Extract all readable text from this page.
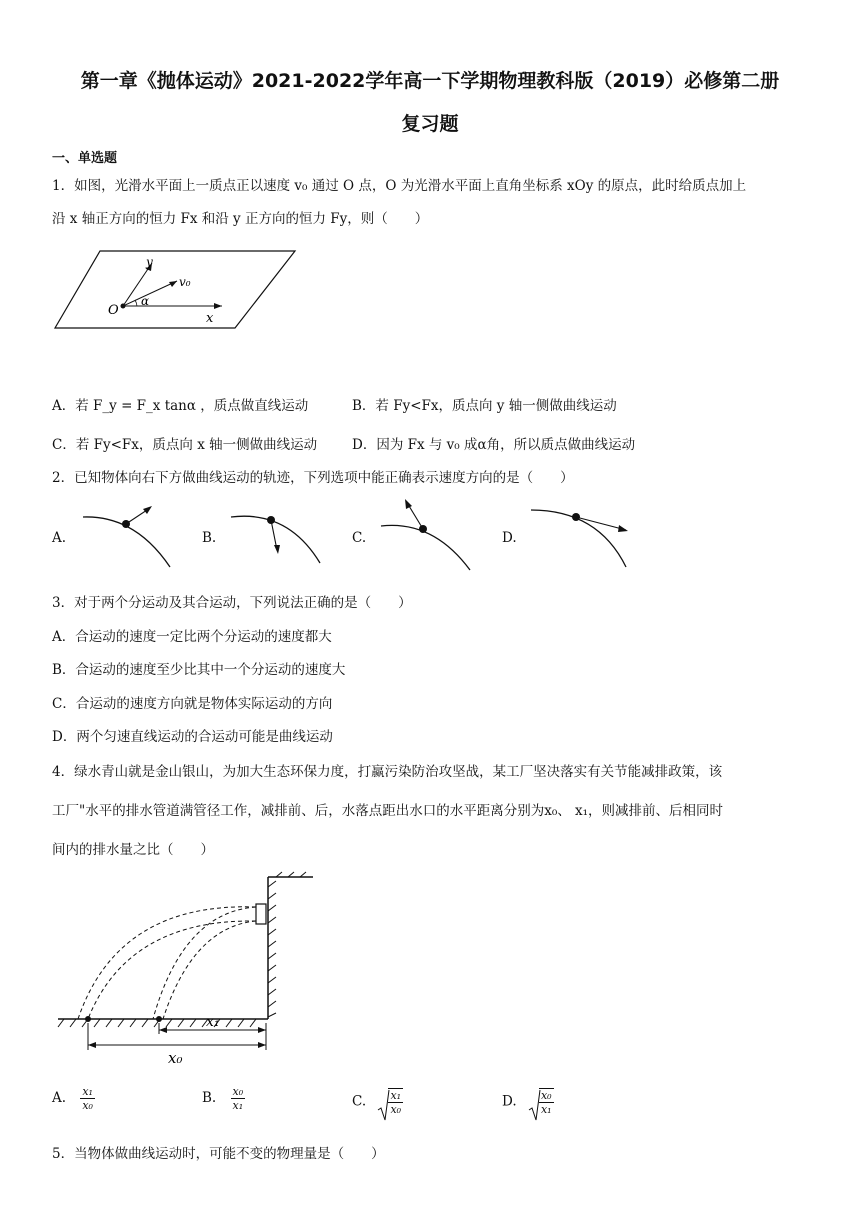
第一章《抛体运动》2021-2022学年高一下学期物理教科版（2019）必修第二册
复习题
一、单选题
1．如图，光滑水平面上一质点正以速度 v₀ 通过 O 点，O 为光滑水平面上直角坐标系 xOy 的原点，此时给质点加上
沿 x 轴正方向的恒力 Fx 和沿 y 正方向的恒力 Fy，则（　　）
y
v₀
α
O
x
A．若 F_y = F_x tanα ，质点做直线运动	B．若 Fy<Fx，质点向 y 轴一侧做曲线运动
C．若 Fy<Fx，质点向 x 轴一侧做曲线运动	D．因为 Fx 与 v₀ 成α角，所以质点做曲线运动
2．已知物体向右下方做曲线运动的轨迹，下列选项中能正确表示速度方向的是（　　）
A.	B.	C.	D.
3．对于两个分运动及其合运动，下列说法正确的是（　　）
A．合运动的速度一定比两个分运动的速度都大
B．合运动的速度至少比其中一个分运动的速度大
C．合运动的速度方向就是物体实际运动的方向
D．两个匀速直线运动的合运动可能是曲线运动
4．绿水青山就是金山银山，为加大生态环保力度，打赢污染防治攻坚战，某工厂坚决落实有关节能减排政策，该
工厂"水平的排水管道满管径工作，减排前、后，水落点距出水口的水平距离分别为x₀、 x₁，则减排前、后相同时
间内的排水量之比（　　）
x₁
x₀
A. $\frac{\text{x₁}}{\text{x₀}}$	B. $\frac{\text{x₀}}{\text{x₁}}$	C. $\frac{\text{x₁}}{\text{x₀}}$	D. $\frac{\text{x₀}}{\text{x₁}}$
5．当物体做曲线运动时，可能不变的物理量是（　　）
